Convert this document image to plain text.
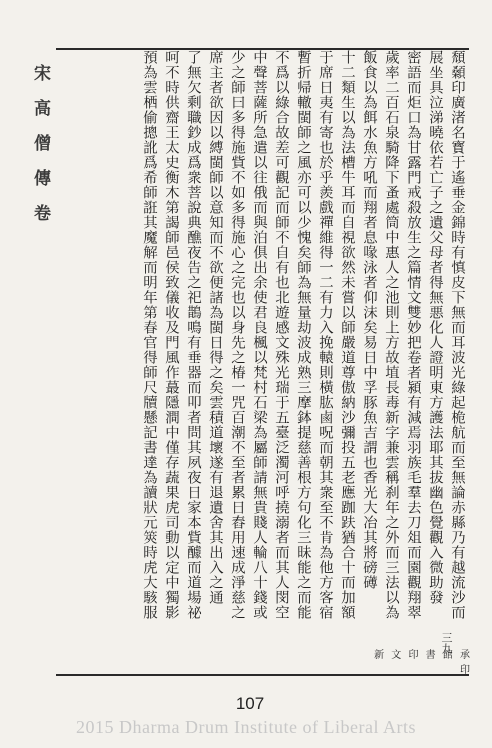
宋高僧傳卷	頹顙印廣渚名寳于遙垂金錦時有慎皮下無而耳波光綠起桅航而至無論赤縣乃有越流沙而
展坐具泣涕曉依若亡子之遺父母者得無悪化人證明東方護法耶其拔幽色覺觀入微助發
密語而炬口為甘露門戒殺放生之篇情文雙妙把卷者潁有減焉羽族毛羣去刀俎而園觀翔翠
歲率二百石泉騎降下蚤處筒中惠人之池則上方故埴長毒新字兼雲稱刹年之外而三法以為
飯食以為餌水魚方吼而翔者息喙泳者仰沫矣易日中孚豚魚吉謂也香光大冶其將磅礡
十二類生以為法槽牛耳而自視欲然未嘗以師嚴道尊傲納沙彌投五老應跏趺猶合十而加額
于席日夷有寄也於乎羨戲禪維得一二有力入挽轅則橫肱鹵呪而朝其衆至不肯為他方客宿
暫折帰轍閩師之風亦可以少愧矣師為無量劫波成熟三摩鉢提慈善根方句化三昧能之而能
不爲以綠合故差可觀記而師不自有也北遊感文殊光瑞于五臺泛濁河呼撓溺者而其人閔空
中聲菩薩所急遣以往俄而與泊俱出余使君良楓以梵村石梁為屬師請無貴賤人輪八十錢或
少之師曰多得施貲不如多得施心之完也以身先之椿一咒百潮不至者累日舂用速成淨慈之
席主者欲因以縛閩師以意知而不欲便諸為閩日得之矣雲積道壞遂有退遺舍其出入之通
了無欠剩職鈔成爲衆菩說典醮夜告之祀鵲鳴有垂器而叩者問其夙夜日家本貲醵而道場祕
呵不時供齋王太史衡木第謁師邑侯致儀收及門風作蕞隱澗中僅存蔬果虎司動以定中獨影
預為雲栖偷摠訛爲希師誑其魔解而明年第春官得師尺牘懸記書達為讀狀元筴時虎大駭服
三九
新 文 印 書 館 承 印
107
2015 Dharma Drum Institute of Liberal Arts
